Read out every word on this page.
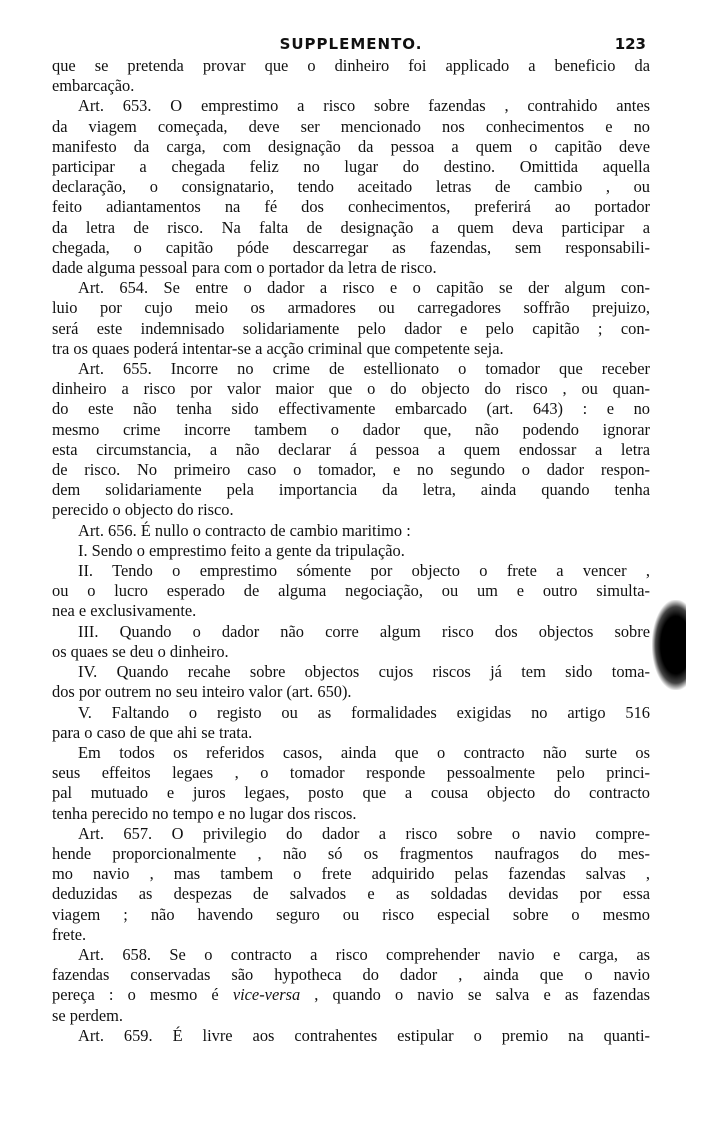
SUPPLEMENTO.	123

que se pretenda provar que o dinheiro foi applicado a beneficio da
embarcação.

Art. 653. O emprestimo a risco sobre fazendas , contrahido antes
da viagem começada, deve ser mencionado nos conhecimentos e no
manifesto da carga, com designação da pessoa a quem o capitão deve
participar a chegada feliz no lugar do destino. Omittida aquella
declaração, o consignatario, tendo aceitado letras de cambio , ou
feito adiantamentos na fé dos conhecimentos, preferirá ao portador
da letra de risco. Na falta de designação a quem deva participar a
chegada, o capitão póde descarregar as fazendas, sem responsabili-
dade alguma pessoal para com o portador da letra de risco.

Art. 654. Se entre o dador a risco e o capitão se der algum con-
luio por cujo meio os armadores ou carregadores soffrão prejuizo,
será este indemnisado solidariamente pelo dador e pelo capitão ; con-
tra os quaes poderá intentar-se a acção criminal que competente seja.

Art. 655. Incorre no crime de estellionato o tomador que receber
dinheiro a risco por valor maior que o do objecto do risco , ou quan-
do este não tenha sido effectivamente embarcado (art. 643) : e no
mesmo crime incorre tambem o dador que, não podendo ignorar
esta circumstancia, a não declarar á pessoa a quem endossar a letra
de risco. No primeiro caso o tomador, e no segundo o dador respon-
dem solidariamente pela importancia da letra, ainda quando tenha
perecido o objecto do risco.

Art. 656. É nullo o contracto de cambio maritimo :

I. Sendo o emprestimo feito a gente da tripulação.

II. Tendo o emprestimo sómente por objecto o frete a vencer ,
ou o lucro esperado de alguma negociação, ou um e outro simulta-
nea e exclusivamente.

III. Quando o dador não corre algum risco dos objectos sobre
os quaes se deu o dinheiro.

IV. Quando recahe sobre objectos cujos riscos já tem sido toma-
dos por outrem no seu inteiro valor (art. 650).

V. Faltando o registo ou as formalidades exigidas no artigo 516
para o caso de que ahi se trata.

Em todos os referidos casos, ainda que o contracto não surte os
seus effeitos legaes , o tomador responde pessoalmente pelo princi-
pal mutuado e juros legaes, posto que a cousa objecto do contracto
tenha perecido no tempo e no lugar dos riscos.

Art. 657. O privilegio do dador a risco sobre o navio compre-
hende proporcionalmente , não só os fragmentos naufragos do mes-
mo navio , mas tambem o frete adquirido pelas fazendas salvas ,
deduzidas as despezas de salvados e as soldadas devidas por essa
viagem ; não havendo seguro ou risco especial sobre o mesmo
frete.

Art. 658. Se o contracto a risco comprehender navio e carga, as
fazendas conservadas são hypotheca do dador , ainda que o navio
pereça : o mesmo é vice-versa , quando o navio se salva e as fazendas
se perdem.

Art. 659. É livre aos contrahentes estipular o premio na quanti-
